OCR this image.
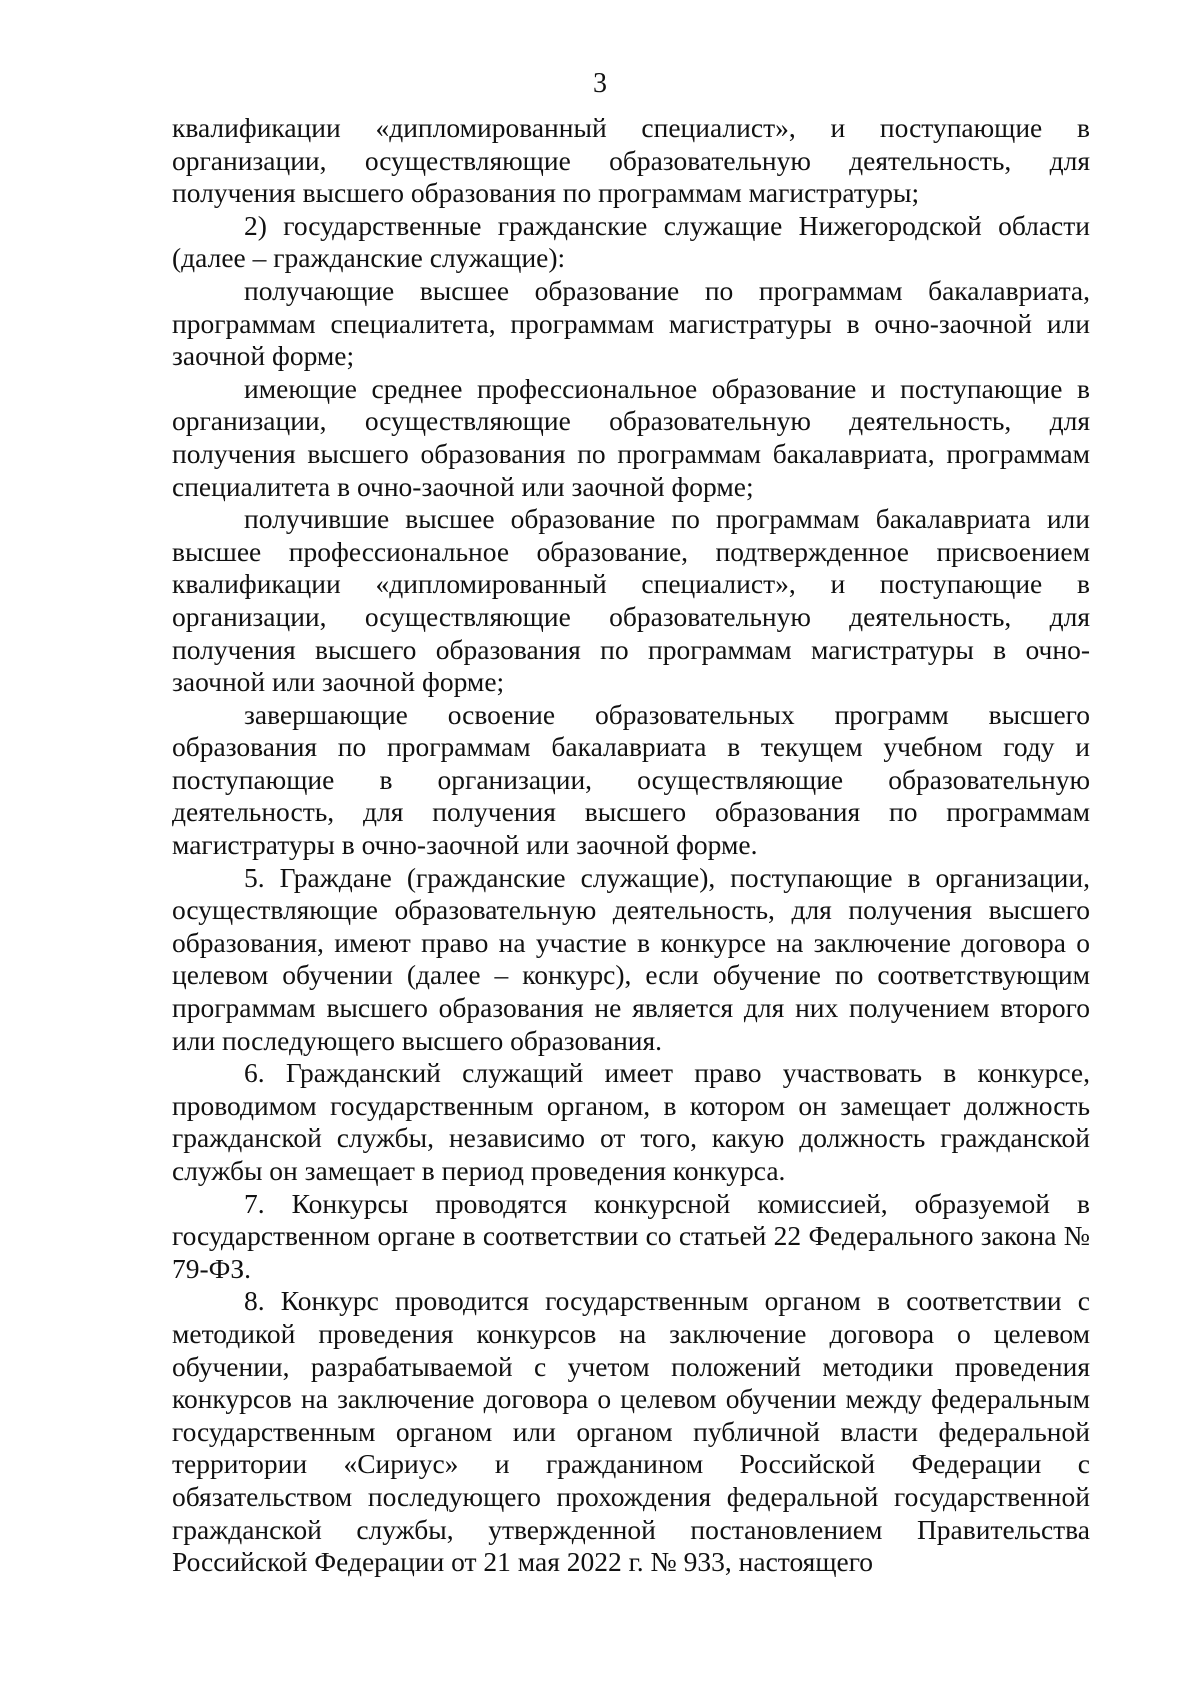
3

квалификации «дипломированный специалист», и поступающие в организации, осуществляющие образовательную деятельность, для получения высшего образования по программам магистратуры;

2) государственные гражданские служащие Нижегородской области (далее – гражданские служащие):

получающие высшее образование по программам бакалавриата, программам специалитета, программам магистратуры в очно-заочной или заочной форме;

имеющие среднее профессиональное образование и поступающие в организации, осуществляющие образовательную деятельность, для получения высшего образования по программам бакалавриата, программам специалитета в очно-заочной или заочной форме;

получившие высшее образование по программам бакалавриата или высшее профессиональное образование, подтвержденное присвоением квалификации «дипломированный специалист», и поступающие в организации, осуществляющие образовательную деятельность, для получения высшего образования по программам магистратуры в очно-заочной или заочной форме;

завершающие освоение образовательных программ высшего образования по программам бакалавриата в текущем учебном году и поступающие в организации, осуществляющие образовательную деятельность, для получения высшего образования по программам магистратуры в очно-заочной или заочной форме.

5. Граждане (гражданские служащие), поступающие в организации, осуществляющие образовательную деятельность, для получения высшего образования, имеют право на участие в конкурсе на заключение договора о целевом обучении (далее – конкурс), если обучение по соответствующим программам высшего образования не является для них получением второго или последующего высшего образования.

6. Гражданский служащий имеет право участвовать в конкурсе, проводимом государственным органом, в котором он замещает должность гражданской службы, независимо от того, какую должность гражданской службы он замещает в период проведения конкурса.

7. Конкурсы проводятся конкурсной комиссией, образуемой в государственном органе в соответствии со статьей 22 Федерального закона № 79-ФЗ.

8. Конкурс проводится государственным органом в соответствии с методикой проведения конкурсов на заключение договора о целевом обучении, разрабатываемой с учетом положений методики проведения конкурсов на заключение договора о целевом обучении между федеральным государственным органом или органом публичной власти федеральной территории «Сириус» и гражданином Российской Федерации с обязательством последующего прохождения федеральной государственной гражданской службы, утвержденной постановлением Правительства Российской Федерации от 21 мая 2022 г. № 933, настоящего
